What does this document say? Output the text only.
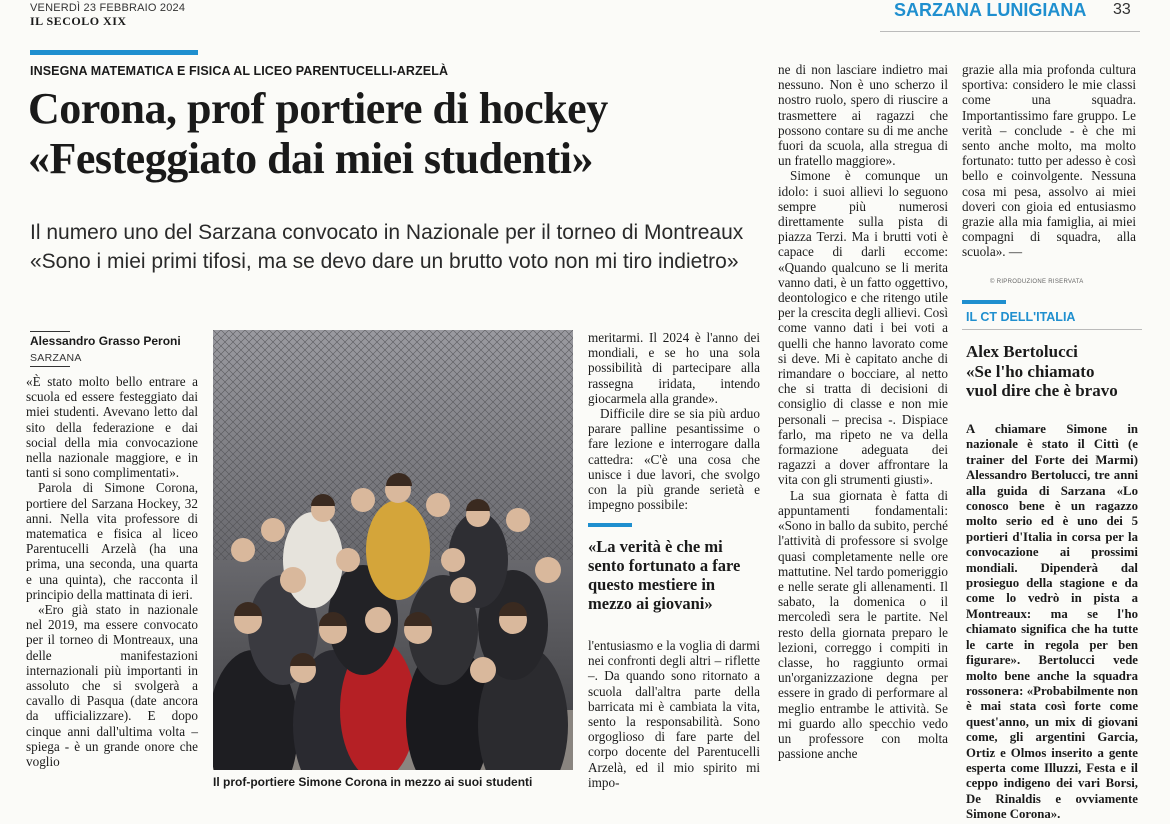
VENERDÌ 23 FEBBRAIO 2024
IL SECOLO XIX
SARZANA LUNIGIANA 33
INSEGNA MATEMATICA E FISICA AL LICEO PARENTUCELLI-ARZELÀ
Corona, prof portiere di hockey
«Festeggiato dai miei studenti»
Il numero uno del Sarzana convocato in Nazionale per il torneo di Montreaux
«Sono i miei primi tifosi, ma se devo dare un brutto voto non mi tiro indietro»
Alessandro Grasso Peroni
SARZANA

«È stato molto bello entrare a scuola ed essere festeggiato dai miei studenti. Avevano letto dal sito della federazione e dai social della mia convocazione nella nazionale maggiore, e in tanti si sono complimentati».

Parola di Simone Corona, portiere del Sarzana Hockey, 32 anni. Nella vita professore di matematica e fisica al liceo Parentucelli Arzelà (ha una prima, una seconda, una quarta e una quinta), che racconta il principio della mattinata di ieri.

«Ero già stato in nazionale nel 2019, ma essere convocato per il torneo di Montreaux, una delle manifestazioni internazionali più importanti in assoluto che si svolgerà a cavallo di Pasqua (date ancora da ufficializzare). E dopo cinque anni dall'ultima volta – spiega - è un grande onore che voglio

Il prof-portiere Simone Corona in mezzo ai suoi studenti

meritarmi. Il 2024 è l'anno dei mondiali, e se ho una sola possibilità di partecipare alla rassegna iridata, intendo giocarmela alla grande».

Difficile dire se sia più arduo parare palline pesantissime o fare lezione e interrogare dalla cattedra: «C'è una cosa che unisce i due lavori, che svolgo con la più grande serietà e impegno possibile:

«La verità è che mi sento fortunato a fare questo mestiere in mezzo ai giovani»

l'entusiasmo e la voglia di darmi nei confronti degli altri – riflette –. Da quando sono ritornato a scuola dall'altra parte della barricata mi è cambiata la vita, sento la responsabilità. Sono orgoglioso di fare parte del corpo docente del Parentucelli Arzelà, ed il mio spirito mi impo-

ne di non lasciare indietro mai nessuno. Non è uno scherzo il nostro ruolo, spero di riuscire a trasmettere ai ragazzi che possono contare su di me anche fuori da scuola, alla stregua di un fratello maggiore».

Simone è comunque un idolo: i suoi allievi lo seguono sempre più numerosi direttamente sulla pista di piazza Terzi. Ma i brutti voti è capace di darli eccome: «Quando qualcuno se li merita vanno dati, è un fatto oggettivo, deontologico e che ritengo utile per la crescita degli allievi. Così come vanno dati i bei voti a quelli che hanno lavorato come si deve. Mi è capitato anche di rimandare o bocciare, al netto che si tratta di decisioni di consiglio di classe e non mie personali – precisa -. Dispiace farlo, ma ripeto ne va della formazione adeguata dei ragazzi a dover affrontare la vita con gli strumenti giusti».

La sua giornata è fatta di appuntamenti fondamentali: «Sono in ballo da subito, perché l'attività di professore si svolge quasi completamente nelle ore mattutine. Nel tardo pomeriggio e nelle serate gli allenamenti. Il sabato, la domenica o il mercoledì sera le partite. Nel resto della giornata preparo le lezioni, correggo i compiti in classe, ho raggiunto ormai un'organizzazione degna per essere in grado di performare al meglio entrambe le attività. Se mi guardo allo specchio vedo un professore con molta passione anche

grazie alla mia profonda cultura sportiva: considero le mie classi come una squadra. Importantissimo fare gruppo. Le verità – conclude - è che mi sento anche molto, ma molto fortunato: tutto per adesso è così bello e coinvolgente. Nessuna cosa mi pesa, assolvo ai miei doveri con gioia ed entusiasmo grazie alla mia famiglia, ai miei compagni di squadra, alla scuola». —

© RIPRODUZIONE RISERVATA
IL CT DELL'ITALIA
Alex Bertolucci
«Se l'ho chiamato
vuol dire che è bravo

A chiamare Simone in nazionale è stato il Cittì (e trainer del Forte dei Marmi) Alessandro Bertolucci, tre anni alla guida di Sarzana «Lo conosco bene è un ragazzo molto serio ed è uno dei 5 portieri d'Italia in corsa per la convocazione ai prossimi mondiali. Dipenderà dal prosieguo della stagione e da come lo vedrò in pista a Montreaux: ma se l'ho chiamato significa che ha tutte le carte in regola per ben figurare». Bertolucci vede molto bene anche la squadra rossonera: «Probabilmente non è mai stata così forte come quest'anno, un mix di giovani come, gli argentini Garcia, Ortiz e Olmos inserito a gente esperta come Illuzzi, Festa e il ceppo indigeno dei vari Borsi, De Rinaldis e ovviamente Simone Corona».
